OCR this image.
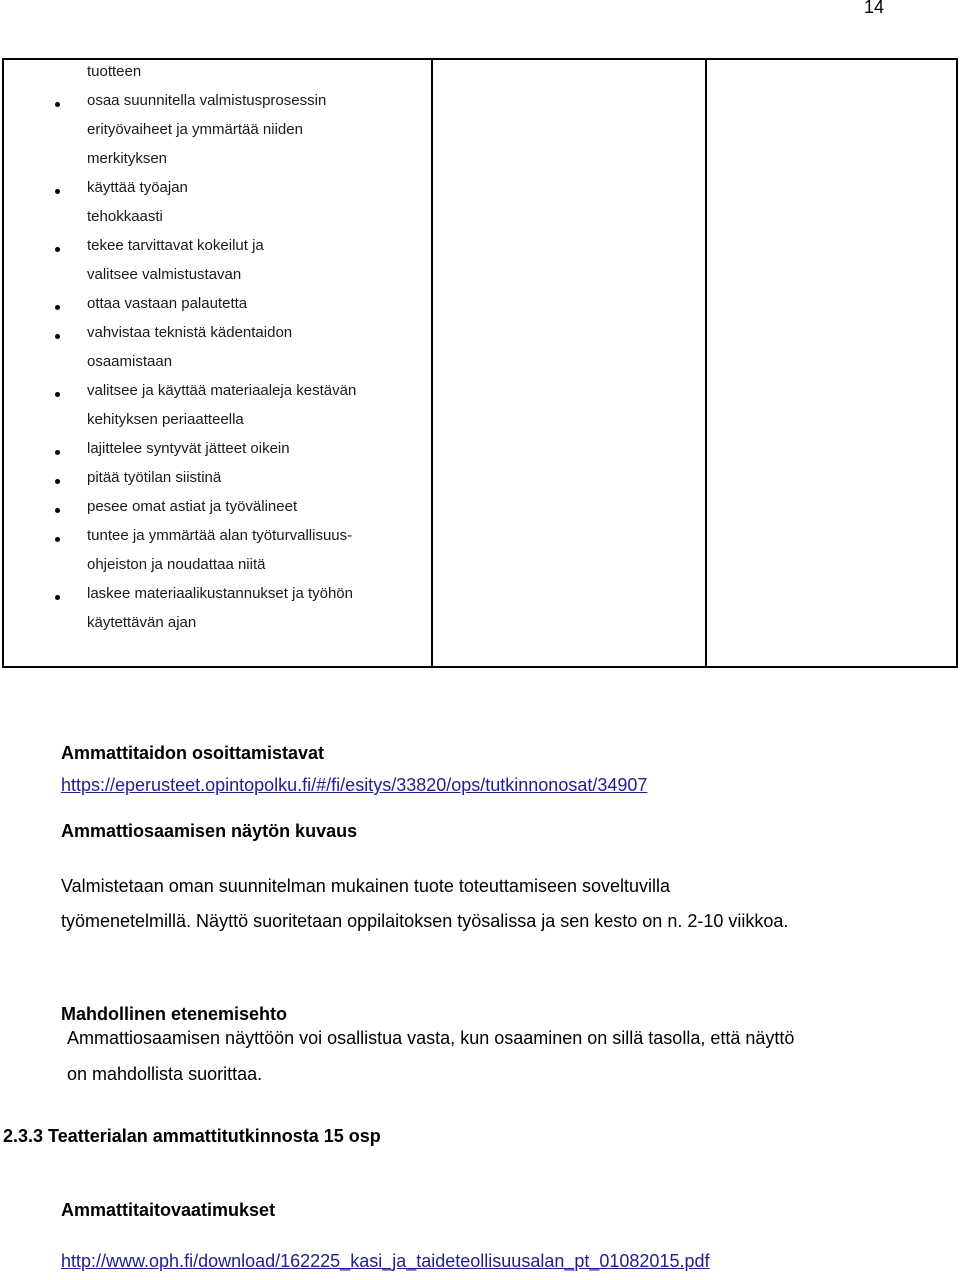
14
tuotteen
osaa suunnitella valmistusprosessin
erityövaiheet ja ymmärtää niiden
merkityksen
käyttää työajan
tehokkaasti
tekee tarvittavat kokeilut ja
valitsee valmistustavan
ottaa vastaan palautetta
vahvistaa teknistä kädentaidon
osaamistaan
valitsee ja käyttää materiaaleja kestävän
kehityksen periaatteella
lajittelee syntyvät jätteet oikein
pitää työtilan siistinä
pesee omat astiat ja työvälineet
tuntee ja ymmärtää alan työturvallisuus-
ohjeiston ja noudattaa niitä
laskee materiaalikustannukset ja työhön
käytettävän ajan

Ammattitaidon osoittamistavat
https://eperusteet.opintopolku.fi/#/fi/esitys/33820/ops/tutkinnonosat/34907
Ammattiosaamisen näytön kuvaus
Valmistetaan oman suunnitelman mukainen tuote toteuttamiseen soveltuvilla
työmenetelmillä. Näyttö suoritetaan oppilaitoksen työsalissa ja sen kesto on n. 2-10 viikkoa.
Mahdollinen etenemisehto
Ammattiosaamisen näyttöön voi osallistua vasta, kun osaaminen on sillä tasolla, että näyttö
on mahdollista suorittaa.
2.3.3 Teatterialan ammattitutkinnosta 15 osp
Ammattitaitovaatimukset
http://www.oph.fi/download/162225_kasi_ja_taideteollisuusalan_pt_01082015.pdf
